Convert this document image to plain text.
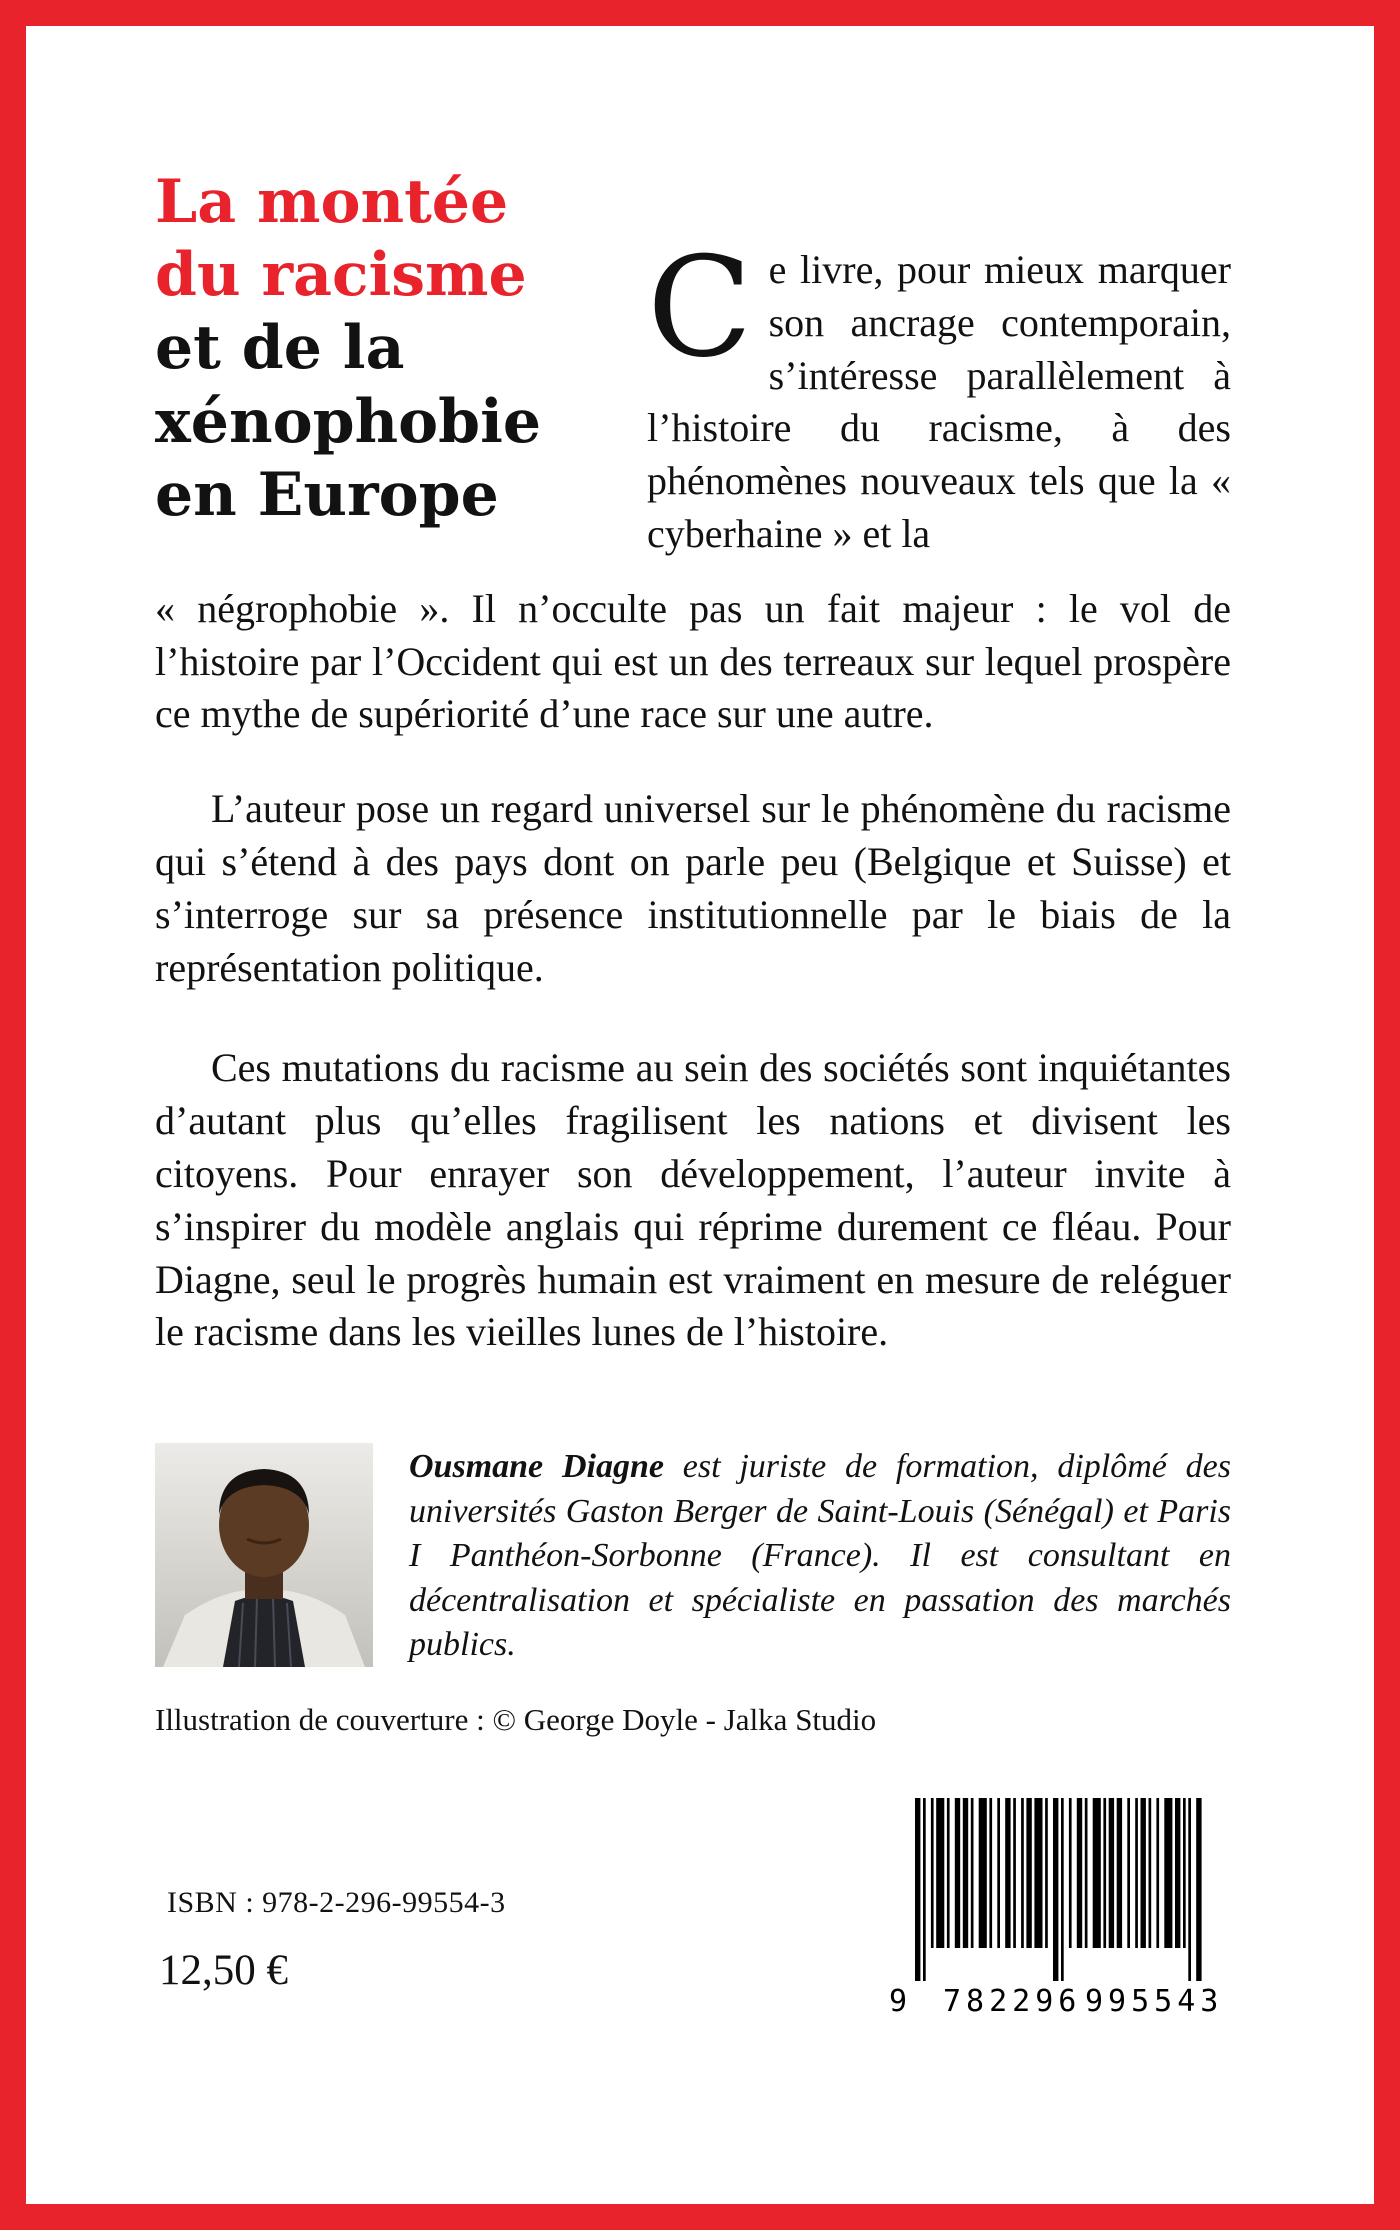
La montée
du racisme
et de la
xénophobie
en Europe

C e livre, pour mieux marquer son ancrage contemporain, s’intéresse parallèlement à l’histoire du racisme, à des phénomènes nouveaux tels que la « cyberhaine » et la

« négrophobie ». Il n’occulte pas un fait majeur : le vol de l’histoire par l’Occident qui est un des terreaux sur lequel prospère ce mythe de supériorité d’une race sur une autre.

L’auteur pose un regard universel sur le phénomène du racisme qui s’étend à des pays dont on parle peu (Belgique et Suisse) et s’interroge sur sa présence institutionnelle par le biais de la représentation politique.

Ces mutations du racisme au sein des sociétés sont inquiétantes d’autant plus qu’elles fragilisent les nations et divisent les citoyens. Pour enrayer son développement, l’auteur invite à s’inspirer du modèle anglais qui réprime durement ce fléau. Pour Diagne, seul le progrès humain est vraiment en mesure de reléguer le racisme dans les vieilles lunes de l’histoire.

Ousmane Diagne est juriste de formation, diplômé des universités Gaston Berger de Saint-Louis (Sénégal) et Paris I Panthéon-Sorbonne (France). Il est consultant en décentralisation et spécialiste en passation des marchés publics.

Illustration de couverture : © George Doyle - Jalka Studio

ISBN : 978-2-296-99554-3
12,50 €
9 782296 995543
